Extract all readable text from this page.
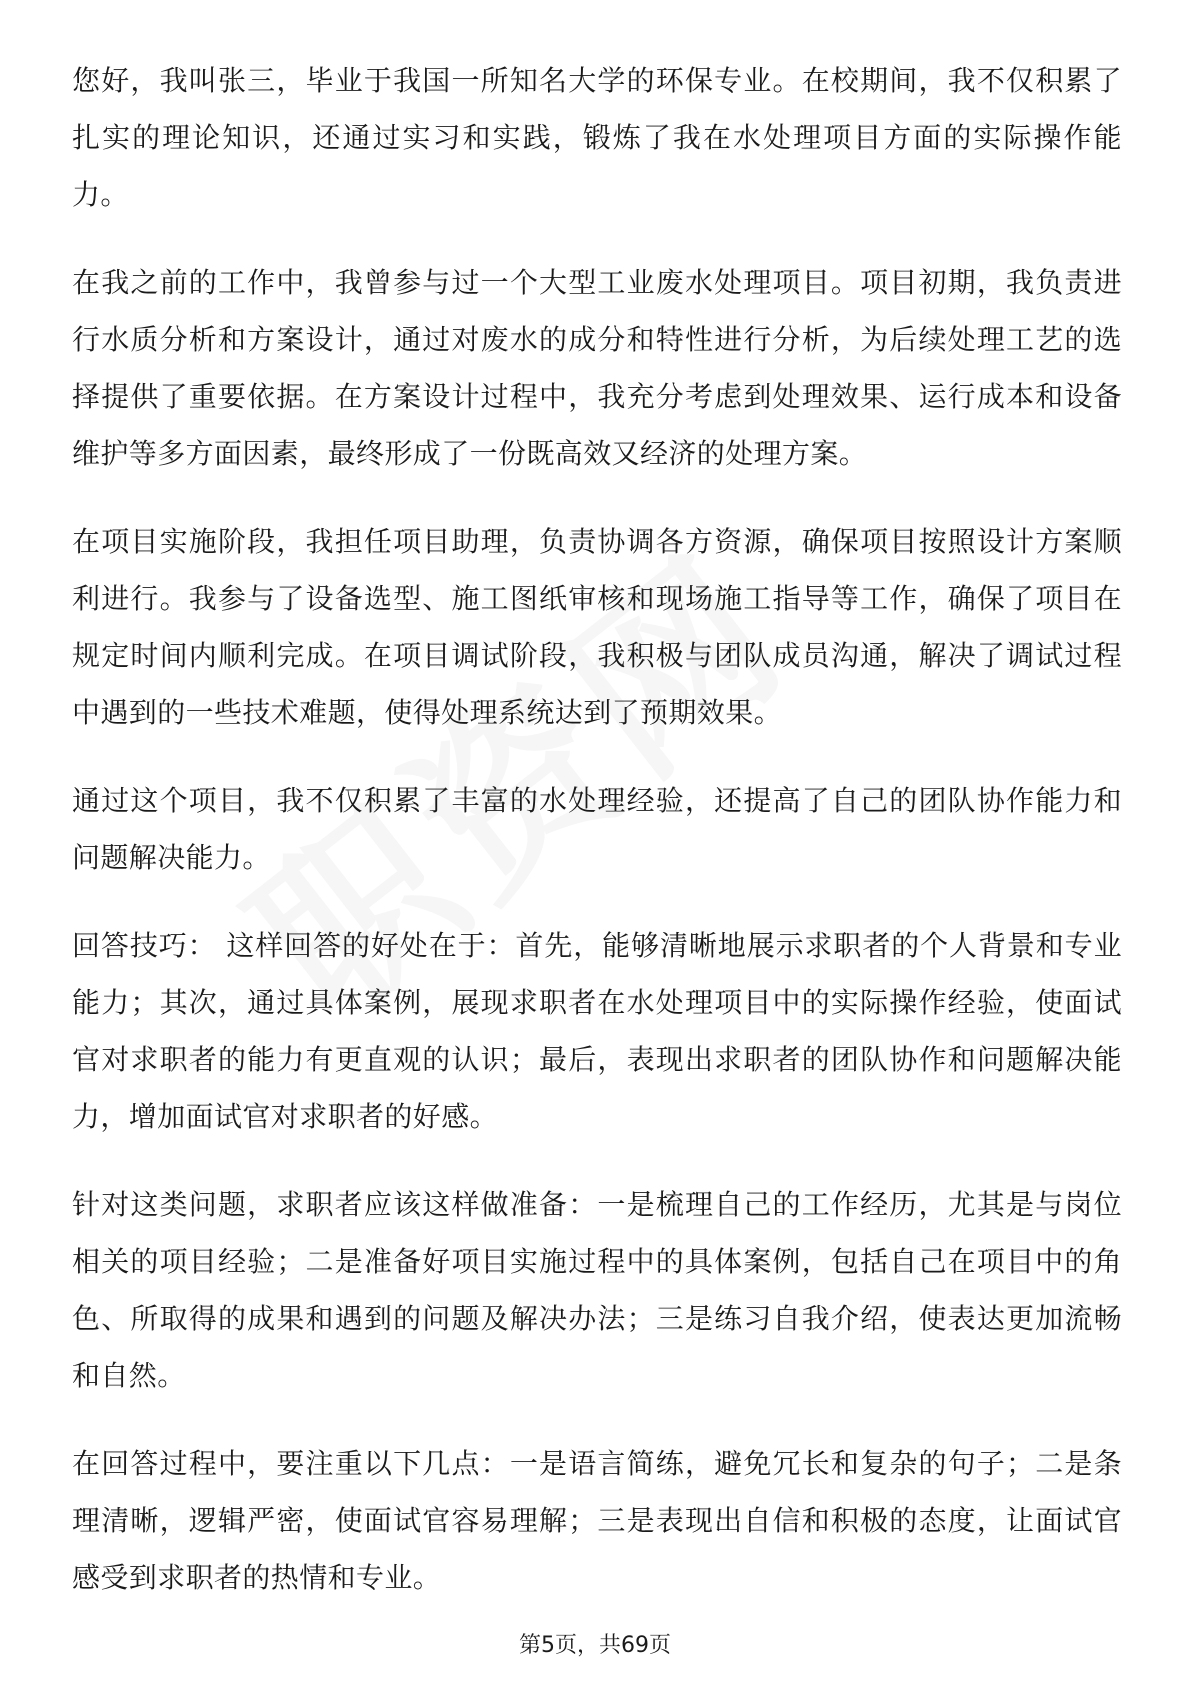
您好，我叫张三，毕业于我国一所知名大学的环保专业。在校期间，我不仅积累了扎实的理论知识，还通过实习和实践，锻炼了我在水处理项目方面的实际操作能力。

在我之前的工作中，我曾参与过一个大型工业废水处理项目。项目初期，我负责进行水质分析和方案设计，通过对废水的成分和特性进行分析，为后续处理工艺的选择提供了重要依据。在方案设计过程中，我充分考虑到处理效果、运行成本和设备维护等多方面因素，最终形成了一份既高效又经济的处理方案。

在项目实施阶段，我担任项目助理，负责协调各方资源，确保项目按照设计方案顺利进行。我参与了设备选型、施工图纸审核和现场施工指导等工作，确保了项目在规定时间内顺利完成。在项目调试阶段，我积极与团队成员沟通，解决了调试过程中遇到的一些技术难题，使得处理系统达到了预期效果。

通过这个项目，我不仅积累了丰富的水处理经验，还提高了自己的团队协作能力和问题解决能力。

回答技巧： 这样回答的好处在于：首先，能够清晰地展示求职者的个人背景和专业能力；其次，通过具体案例，展现求职者在水处理项目中的实际操作经验，使面试官对求职者的能力有更直观的认识；最后，表现出求职者的团队协作和问题解决能力，增加面试官对求职者的好感。

针对这类问题，求职者应该这样做准备：一是梳理自己的工作经历，尤其是与岗位相关的项目经验；二是准备好项目实施过程中的具体案例，包括自己在项目中的角色、所取得的成果和遇到的问题及解决办法；三是练习自我介绍，使表达更加流畅和自然。

在回答过程中，要注重以下几点：一是语言简练，避免冗长和复杂的句子；二是条理清晰，逻辑严密，使面试官容易理解；三是表现出自信和积极的态度，让面试官感受到求职者的热情和专业。

第5页，共69页
